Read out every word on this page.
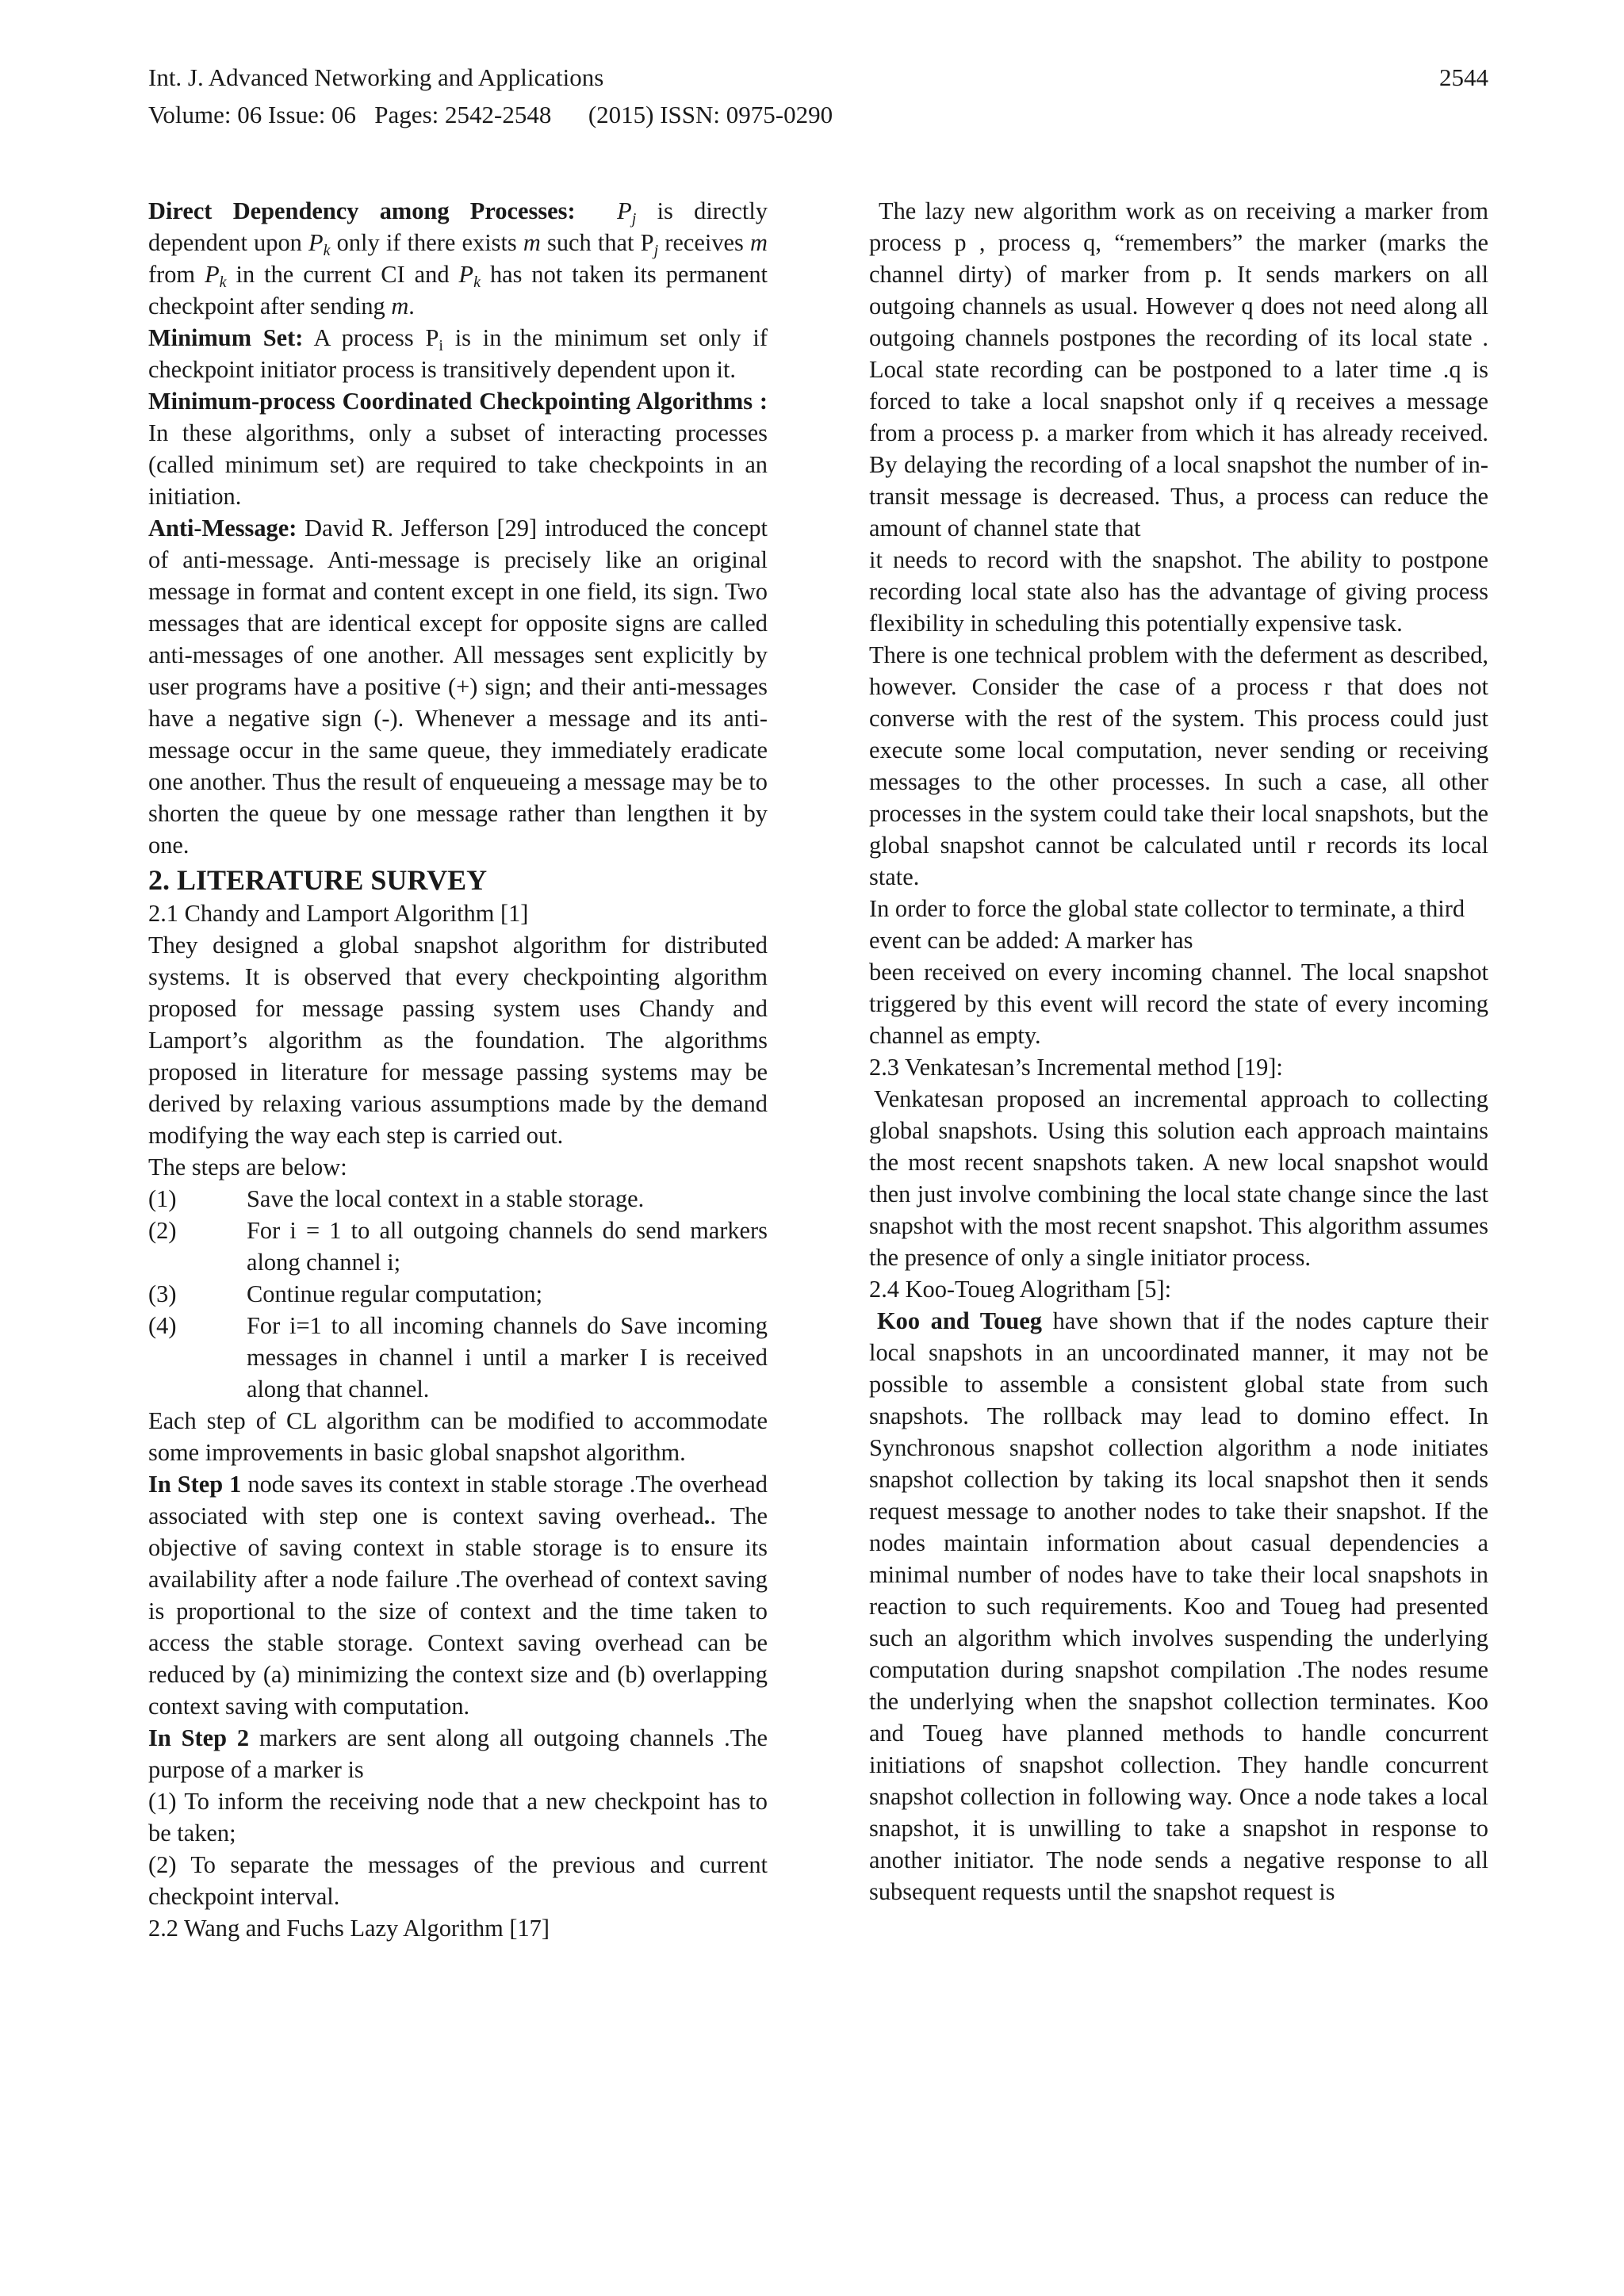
Int. J. Advanced Networking and Applications	2544
Volume: 06 Issue: 06   Pages: 2542-2548      (2015) ISSN: 0975-0290

Direct Dependency among Processes: $P_j$ is directly dependent upon $P_k$ only if there exists m such that $P_j$ receives m from $P_k$ in the current CI and $P_k$ has not taken its permanent checkpoint after sending m.

Minimum Set: A process $P_i$ is in the minimum set only if checkpoint initiator process is transitively dependent upon it.

Minimum-process Coordinated Checkpointing Algorithms : In these algorithms, only a subset of interacting processes (called minimum set) are required to take checkpoints in an initiation.

Anti-Message: David R. Jefferson [29] introduced the concept of anti-message. Anti-message is precisely like an original message in format and content except in one field, its sign. Two messages that are identical except for opposite signs are called anti-messages of one another. All messages sent explicitly by user programs have a positive (+) sign; and their anti-messages have a negative sign (-). Whenever a message and its anti-message occur in the same queue, they immediately eradicate one another. Thus the result of enqueueing a message may be to shorten the queue by one message rather than lengthen it by one.

2. LITERATURE SURVEY

2.1 Chandy and Lamport Algorithm [1]

They designed a global snapshot algorithm for distributed systems. It is observed that every checkpointing algorithm proposed for message passing system uses Chandy and Lamport’s algorithm as the foundation. The algorithms proposed in literature for message passing systems may be derived by relaxing various assumptions made by the demand modifying the way each step is carried out.

The steps are below:

(1)	Save the local context in a stable storage.

(2)	For i = 1 to all outgoing channels do send markers along channel i;

(3)	Continue regular computation;

(4)	For i=1 to all incoming channels do Save incoming messages in channel i until a marker I is received along that channel.

Each step of CL algorithm can be modified to accommodate some improvements in basic global snapshot algorithm.

In Step 1 node saves its context in stable storage .The overhead associated with step one is context saving overhead.. The objective of saving context in stable storage is to ensure its availability after a node failure .The overhead of context saving is proportional to the size of context and the time taken to access the stable storage. Context saving overhead can be reduced by (a) minimizing the context size and (b) overlapping context saving with computation.

In Step 2 markers are sent along all outgoing channels .The purpose of a marker is

(1) To inform the receiving node that a new checkpoint has to be taken;

(2) To separate the messages of the previous and current checkpoint interval.

2.2 Wang and Fuchs Lazy Algorithm [17]

The lazy new algorithm work as on receiving a marker from process p , process q, “remembers” the marker (marks the channel dirty) of marker from p. It sends markers on all outgoing channels as usual. However q does not need along all outgoing channels postpones the recording of its local state . Local state recording can be postponed to a later time .q is forced to take a local snapshot only if q receives a message from a process p. a marker from which it has already received. By delaying the recording of a local snapshot the number of in- transit message is decreased. Thus, a process can reduce the amount of channel state that

it needs to record with the snapshot. The ability to postpone recording local state also has the advantage of giving process flexibility in scheduling this potentially expensive task.

There is one technical problem with the deferment as described, however. Consider the case of a process r that does not converse with the rest of the system. This process could just execute some local computation, never sending or receiving messages to the other processes. In such a case, all other processes in the system could take their local snapshots, but the global snapshot cannot be calculated until r records its local state.

In order to force the global state collector to terminate, a third event can be added: A marker has

been received on every incoming channel. The local snapshot triggered by this event will record the state of every incoming channel as empty.

2.3 Venkatesan’s Incremental method [19]:

Venkatesan proposed an incremental approach to collecting global snapshots. Using this solution each approach maintains the most recent snapshots taken. A new local snapshot would then just involve combining the local state change since the last snapshot with the most recent snapshot. This algorithm assumes the presence of only a single initiator process.

2.4 Koo-Toueg Alogritham [5]:

Koo and Toueg have shown that if the nodes capture their local snapshots in an uncoordinated manner, it may not be possible to assemble a consistent global state from such snapshots. The rollback may lead to domino effect. In Synchronous snapshot collection algorithm a node initiates snapshot collection by taking its local snapshot then it sends request message to another nodes to take their snapshot. If the nodes maintain information about casual dependencies a minimal number of nodes have to take their local snapshots in reaction to such requirements. Koo and Toueg had presented such an algorithm which involves suspending the underlying computation during snapshot compilation .The nodes resume the underlying when the snapshot collection terminates. Koo and Toueg have planned methods to handle concurrent initiations of snapshot collection. They handle concurrent snapshot collection in following way. Once a node takes a local snapshot, it is unwilling to take a snapshot in response to another initiator. The node sends a negative response to all subsequent requests until the snapshot request is
